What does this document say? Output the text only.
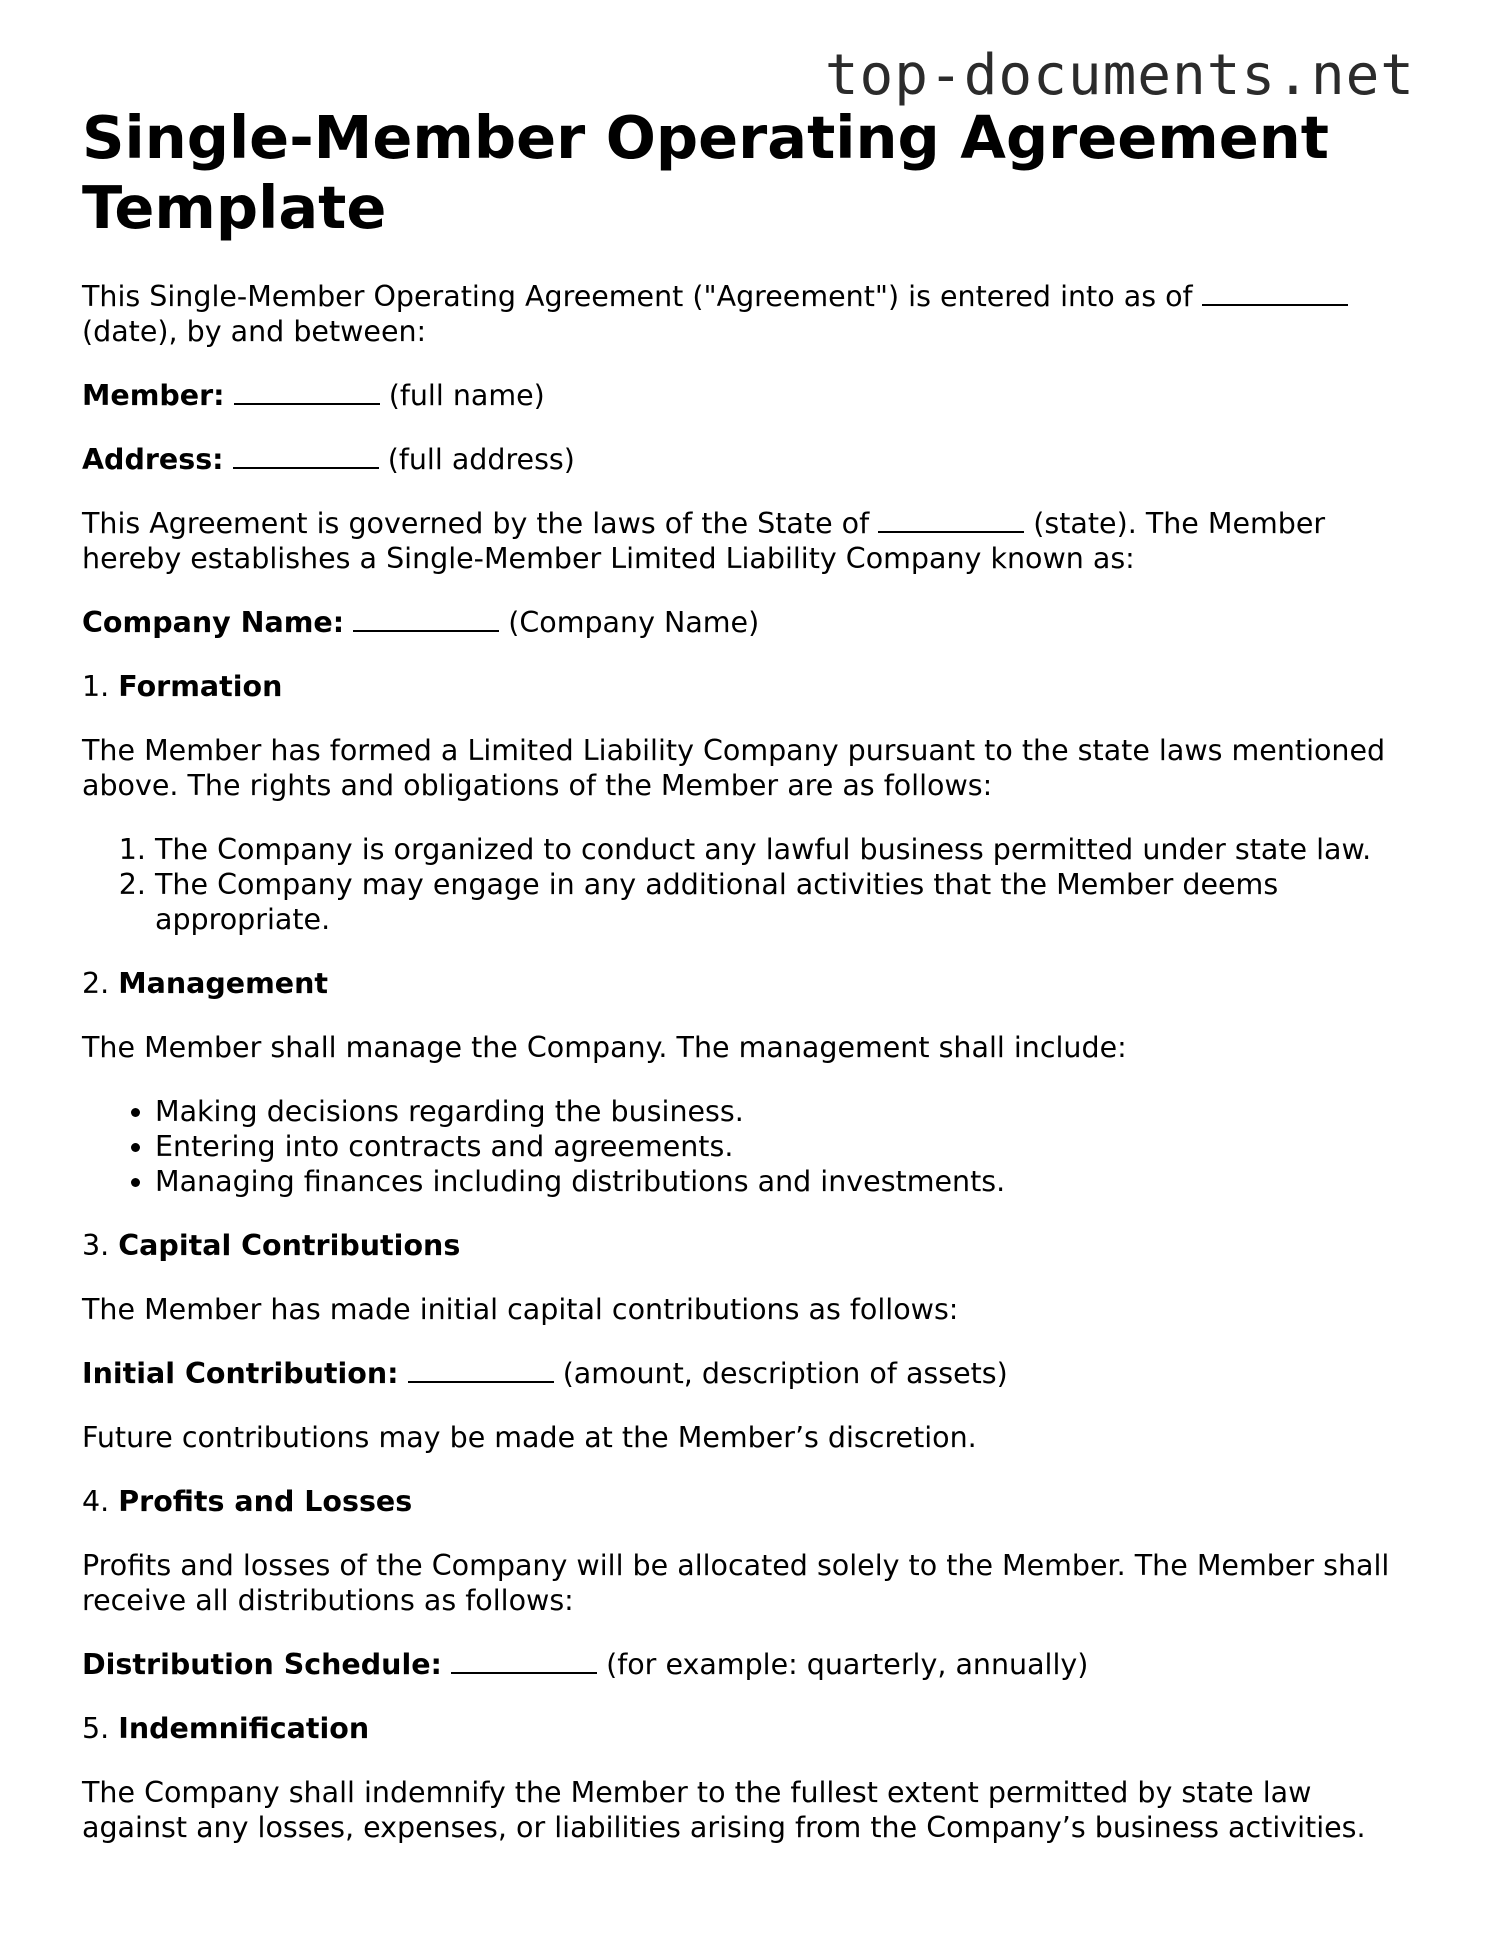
top-documents.net
Single-Member Operating Agreement Template

This Single-Member Operating Agreement ("Agreement") is entered into as of  (date), by and between:

Member:	(full name)

Address:	(full address)

This Agreement is governed by the laws of the State of	(state). The Member hereby establishes a Single-Member Limited Liability Company known as:

Company Name:	(Company Name)

1. Formation

The Member has formed a Limited Liability Company pursuant to the state laws mentioned above. The rights and obligations of the Member are as follows:

1. The Company is organized to conduct any lawful business permitted under state law.
2. The Company may engage in any additional activities that the Member deems appropriate.
2. Management

The Member shall manage the Company. The management shall include:

• Making decisions regarding the business.
• Entering into contracts and agreements.
• Managing finances including distributions and investments.
3. Capital Contributions

The Member has made initial capital contributions as follows:

Initial Contribution:	(amount, description of assets)

Future contributions may be made at the Member’s discretion.

4. Profits and Losses

Profits and losses of the Company will be allocated solely to the Member. The Member shall receive all distributions as follows:

Distribution Schedule:	(for example: quarterly, annually)

5. Indemnification

The Company shall indemnify the Member to the fullest extent permitted by state law against any losses, expenses, or liabilities arising from the Company’s business activities.
